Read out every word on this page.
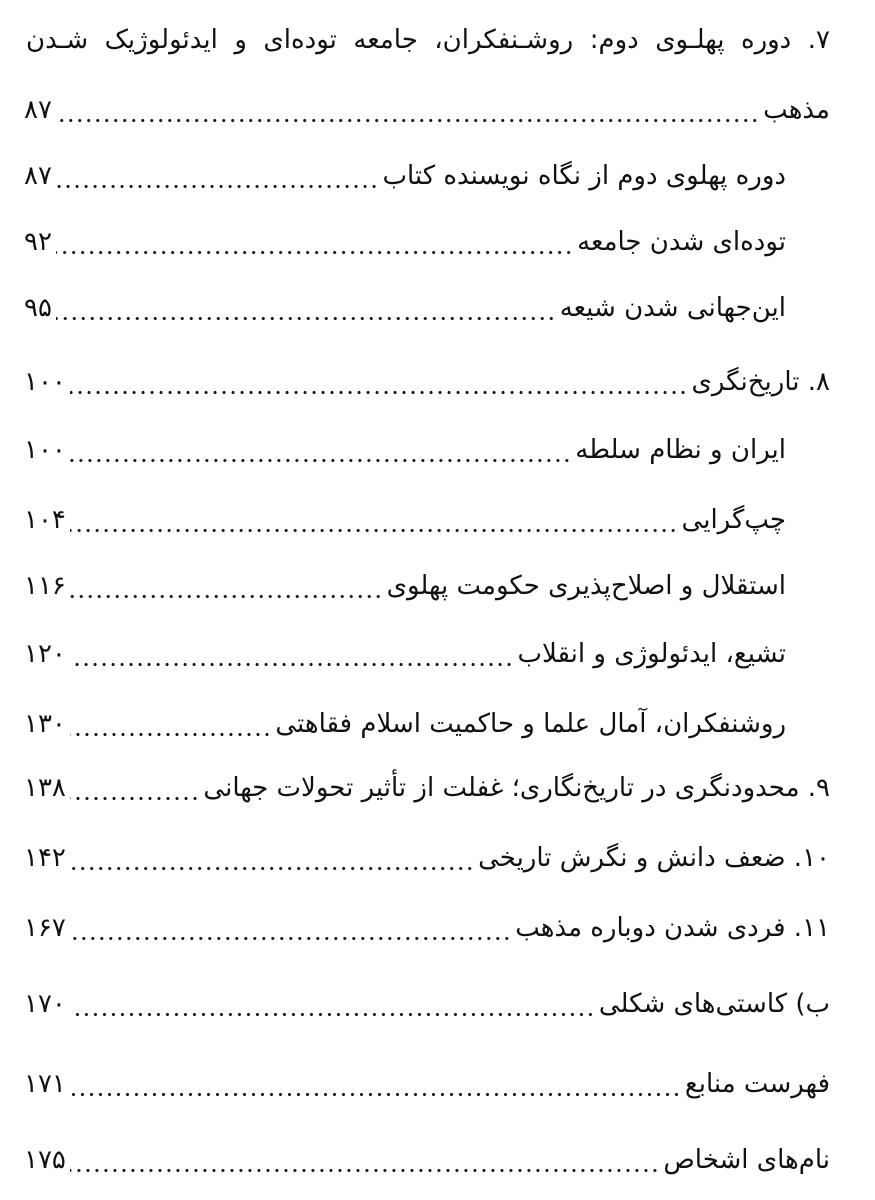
۷. دوره پهلـوی دوم: روشـنفکران، جامعه توده‌ای و ایدئولوژیک شـدن
مذهب
۸۷
دوره پهلوی دوم از نگاه نویسنده کتاب
۸۷
توده‌ای شدن جامعه
۹۲
این‌جهانی شدن شیعه
۹۵
۸. تاریخ‌نگری
۱۰۰
ایران و نظام سلطه
۱۰۰
چپ‌گرایی
۱۰۴
استقلال و اصلاح‌پذیری حکومت پهلوی
۱۱۶
تشیع، ایدئولوژی و انقلاب
۱۲۰
روشنفکران، آمال علما و حاکمیت اسلام فقاهتی
۱۳۰
۹. محدودنگری در تاریخ‌نگاری؛ غفلت از تأثیر تحولات جهانی
۱۳۸
۱۰. ضعف دانش و نگرش تاریخی
۱۴۲
۱۱. فردی شدن دوباره مذهب
۱۶۷
ب) کاستی‌های شکلی
۱۷۰
فهرست منابع
۱۷۱
نام‌های اشخاص
۱۷۵
